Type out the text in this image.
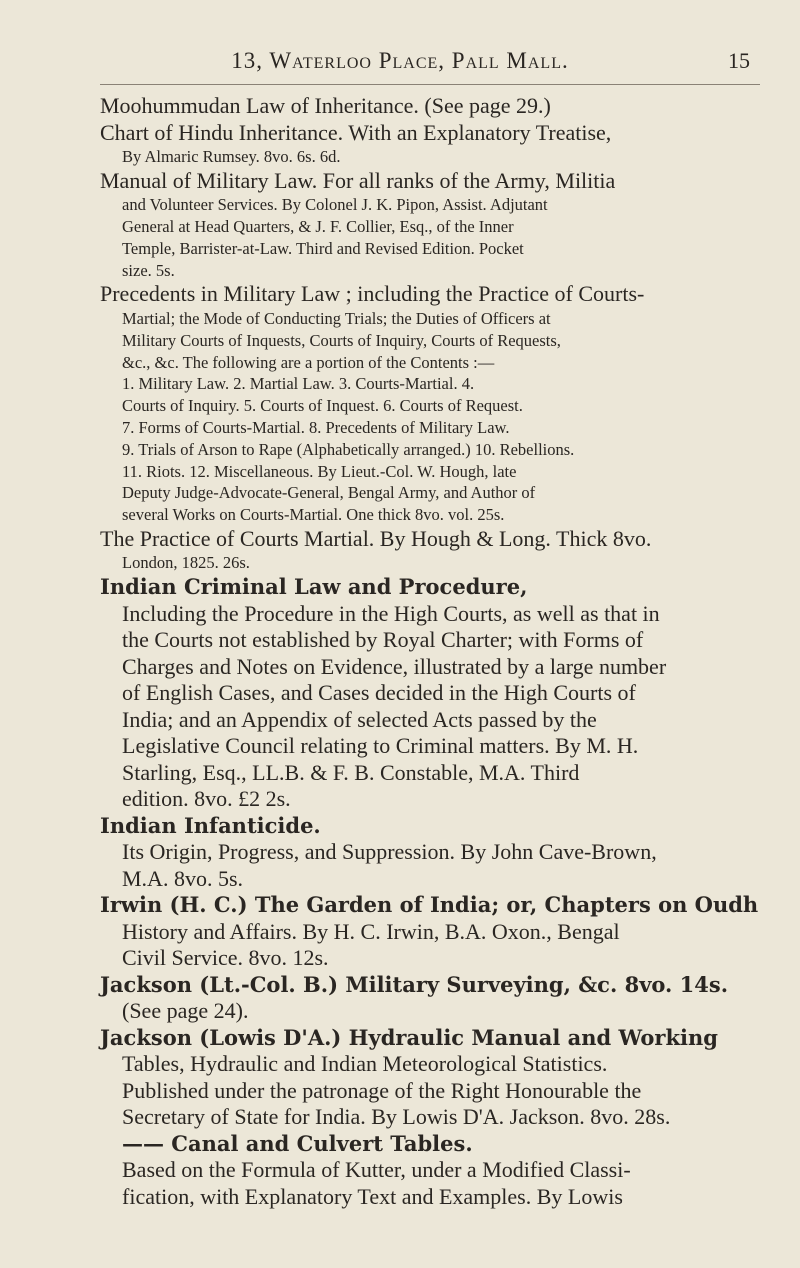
13, Waterloo Place, Pall Mall.	15
Moohummudan Law of Inheritance. (See page 29.)
Chart of Hindu Inheritance. With an Explanatory Treatise,
By Almaric Rumsey. 8vo. 6s. 6d.
Manual of Military Law. For all ranks of the Army, Militia
and Volunteer Services. By Colonel J. K. Pipon, Assist. Adjutant
General at Head Quarters, & J. F. Collier, Esq., of the Inner
Temple, Barrister-at-Law. Third and Revised Edition. Pocket
size. 5s.
Precedents in Military Law ; including the Practice of Courts-
Martial; the Mode of Conducting Trials; the Duties of Officers at
Military Courts of Inquests, Courts of Inquiry, Courts of Requests,
&c., &c. The following are a portion of the Contents :—
1. Military Law. 2. Martial Law. 3. Courts-Martial. 4.
Courts of Inquiry. 5. Courts of Inquest. 6. Courts of Request.
7. Forms of Courts-Martial. 8. Precedents of Military Law.
9. Trials of Arson to Rape (Alphabetically arranged.) 10. Rebellions.
11. Riots. 12. Miscellaneous. By Lieut.-Col. W. Hough, late
Deputy Judge-Advocate-General, Bengal Army, and Author of
several Works on Courts-Martial. One thick 8vo. vol. 25s.
The Practice of Courts Martial. By Hough & Long. Thick 8vo.
London, 1825. 26s.
Indian Criminal Law and Procedure,
Including the Procedure in the High Courts, as well as that in
the Courts not established by Royal Charter; with Forms of
Charges and Notes on Evidence, illustrated by a large number
of English Cases, and Cases decided in the High Courts of
India; and an Appendix of selected Acts passed by the
Legislative Council relating to Criminal matters. By M. H.
Starling, Esq., LL.B. & F. B. Constable, M.A. Third
edition. 8vo. £2 2s.
Indian Infanticide.
Its Origin, Progress, and Suppression. By John Cave-Brown,
M.A. 8vo. 5s.
Irwin (H. C.) The Garden of India; or, Chapters on Oudh
History and Affairs. By H. C. Irwin, B.A. Oxon., Bengal
Civil Service. 8vo. 12s.
Jackson (Lt.-Col. B.) Military Surveying, &c. 8vo. 14s.
(See page 24).
Jackson (Lowis D'A.) Hydraulic Manual and Working
Tables, Hydraulic and Indian Meteorological Statistics.
Published under the patronage of the Right Honourable the
Secretary of State for India. By Lowis D'A. Jackson. 8vo. 28s.
—— Canal and Culvert Tables.
Based on the Formula of Kutter, under a Modified Classi-
fication, with Explanatory Text and Examples. By Lowis
